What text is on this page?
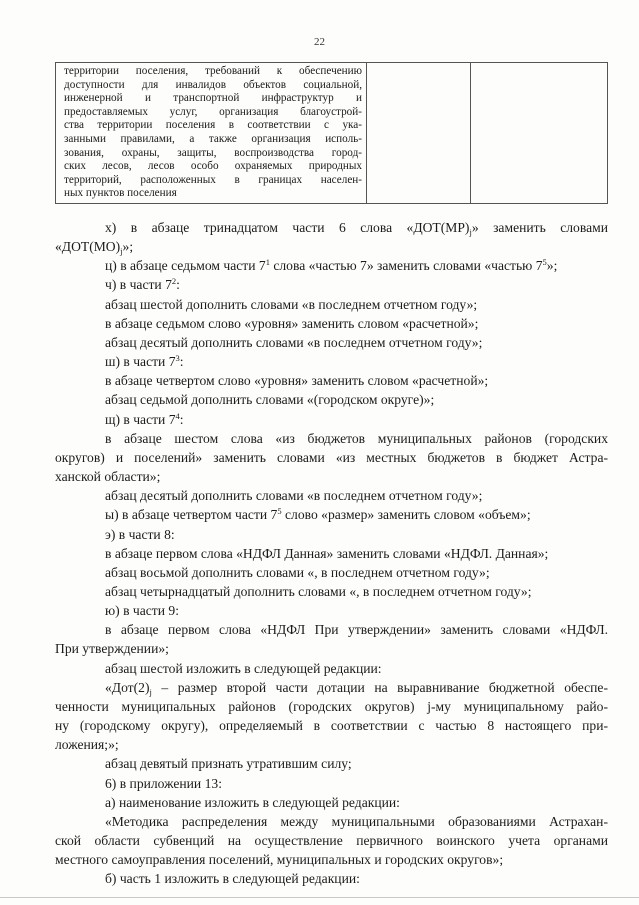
22
территории поселения, требований к обеспечению
доступности для инвалидов объектов социальной,
инженерной и транспортной инфраструктур и
предоставляемых услуг, организация благоустрой-
ства территории поселения в соответствии с ука-
занными правилами, а также организация исполь-
зования, охраны, защиты, воспроизводства город-
ских лесов, лесов особо охраняемых природных
территорий, расположенных в границах населен-
ных пунктов поселения

х) в абзаце тринадцатом части 6 слова «$ДОТ(МР)_j$» заменить словами
«$ДОТ(МО)_j$»;
ц) в абзаце седьмом части $7^1$ слова «частью 7» заменить словами «частью $7^5$»;
ч) в части $7^2$:
абзац шестой дополнить словами «в последнем отчетном году»;
в абзаце седьмом слово «уровня» заменить словом «расчетной»;
абзац десятый дополнить словами «в последнем отчетном году»;
ш) в части $7^3$:
в абзаце четвертом слово «уровня» заменить словом «расчетной»;
абзац седьмой дополнить словами «(городском округе)»;
щ) в части $7^4$:
в абзаце шестом слова «из бюджетов муниципальных районов (городских
округов) и поселений» заменить словами «из местных бюджетов в бюджет Астра-
ханской области»;
абзац десятый дополнить словами «в последнем отчетном году»;
ы) в абзаце четвертом части $7^5$ слово «размер» заменить словом «объем»;
э) в части 8:
в абзаце первом слова «НДФЛ Данная» заменить словами «НДФЛ. Данная»;
абзац восьмой дополнить словами «, в последнем отчетном году»;
абзац четырнадцатый дополнить словами «, в последнем отчетном году»;
ю) в части 9:
в абзаце первом слова «НДФЛ При утверждении» заменить словами «НДФЛ.
При утверждении»;
абзац шестой изложить в следующей редакции:
«$Дот(2)_j$ – размер второй части дотации на выравнивание бюджетной обеспе-
ченности муниципальных районов (городских округов) j-му муниципальному райо-
ну (городскому округу), определяемый в соответствии с частью 8 настоящего при-
ложения;»;
абзац девятый признать утратившим силу;
6) в приложении 13:
а) наименование изложить в следующей редакции:
«Методика распределения между муниципальными образованиями Астрахан-
ской области субвенций на осуществление первичного воинского учета органами
местного самоуправления поселений, муниципальных и городских округов»;
б) часть 1 изложить в следующей редакции:
